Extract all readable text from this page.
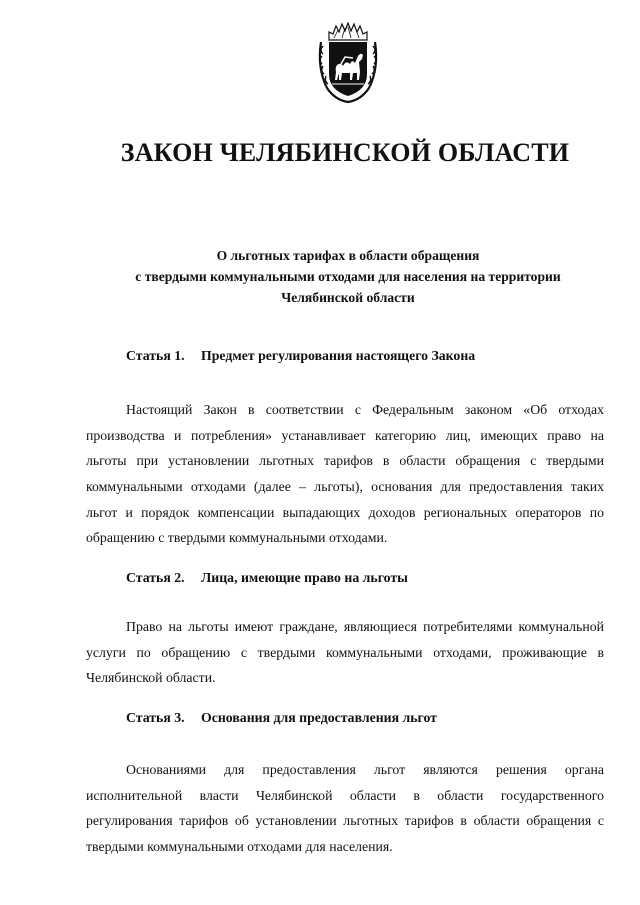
ЗАКОН ЧЕЛЯБИНСКОЙ ОБЛАСТИ
О льготных тарифах в области обращения
с твердыми коммунальными отходами для населения на территории
Челябинской области
Статья 1. Предмет регулирования настоящего Закона
Настоящий Закон в соответствии с Федеральным законом «Об отходах
производства и потребления» устанавливает категорию лиц, имеющих право на
льготы при установлении льготных тарифов в области обращения с твердыми
коммунальными отходами (далее – льготы), основания для предоставления таких
льгот и порядок компенсации выпадающих доходов региональных операторов по
обращению с твердыми коммунальными отходами.
Статья 2. Лица, имеющие право на льготы
Право на льготы имеют граждане, являющиеся потребителями коммунальной
услуги по обращению с твердыми коммунальными отходами, проживающие в
Челябинской области.
Статья 3. Основания для предоставления льгот
Основаниями для предоставления льгот являются решения органа
исполнительной власти Челябинской области в области государственного
регулирования тарифов об установлении льготных тарифов в области обращения с
твердыми коммунальными отходами для населения.
